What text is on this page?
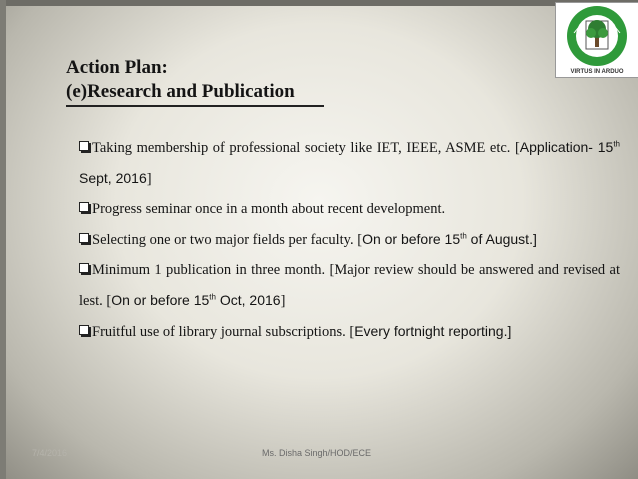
Action Plan:
(e)Research and Publication
VIRTUS IN ARDUO
Taking membership of professional society like IET, IEEE, ASME etc. [Application- 15th Sept, 2016]
Progress seminar once in a month about recent development.
Selecting one or two major fields per faculty. [On or before 15th of August.]
Minimum 1 publication in three month. [Major review should be answered and revised at lest. [On or before 15th Oct, 2016]
Fruitful use of library journal subscriptions. [Every fortnight reporting.]
7/4/2016	Ms. Disha Singh/HOD/ECE
